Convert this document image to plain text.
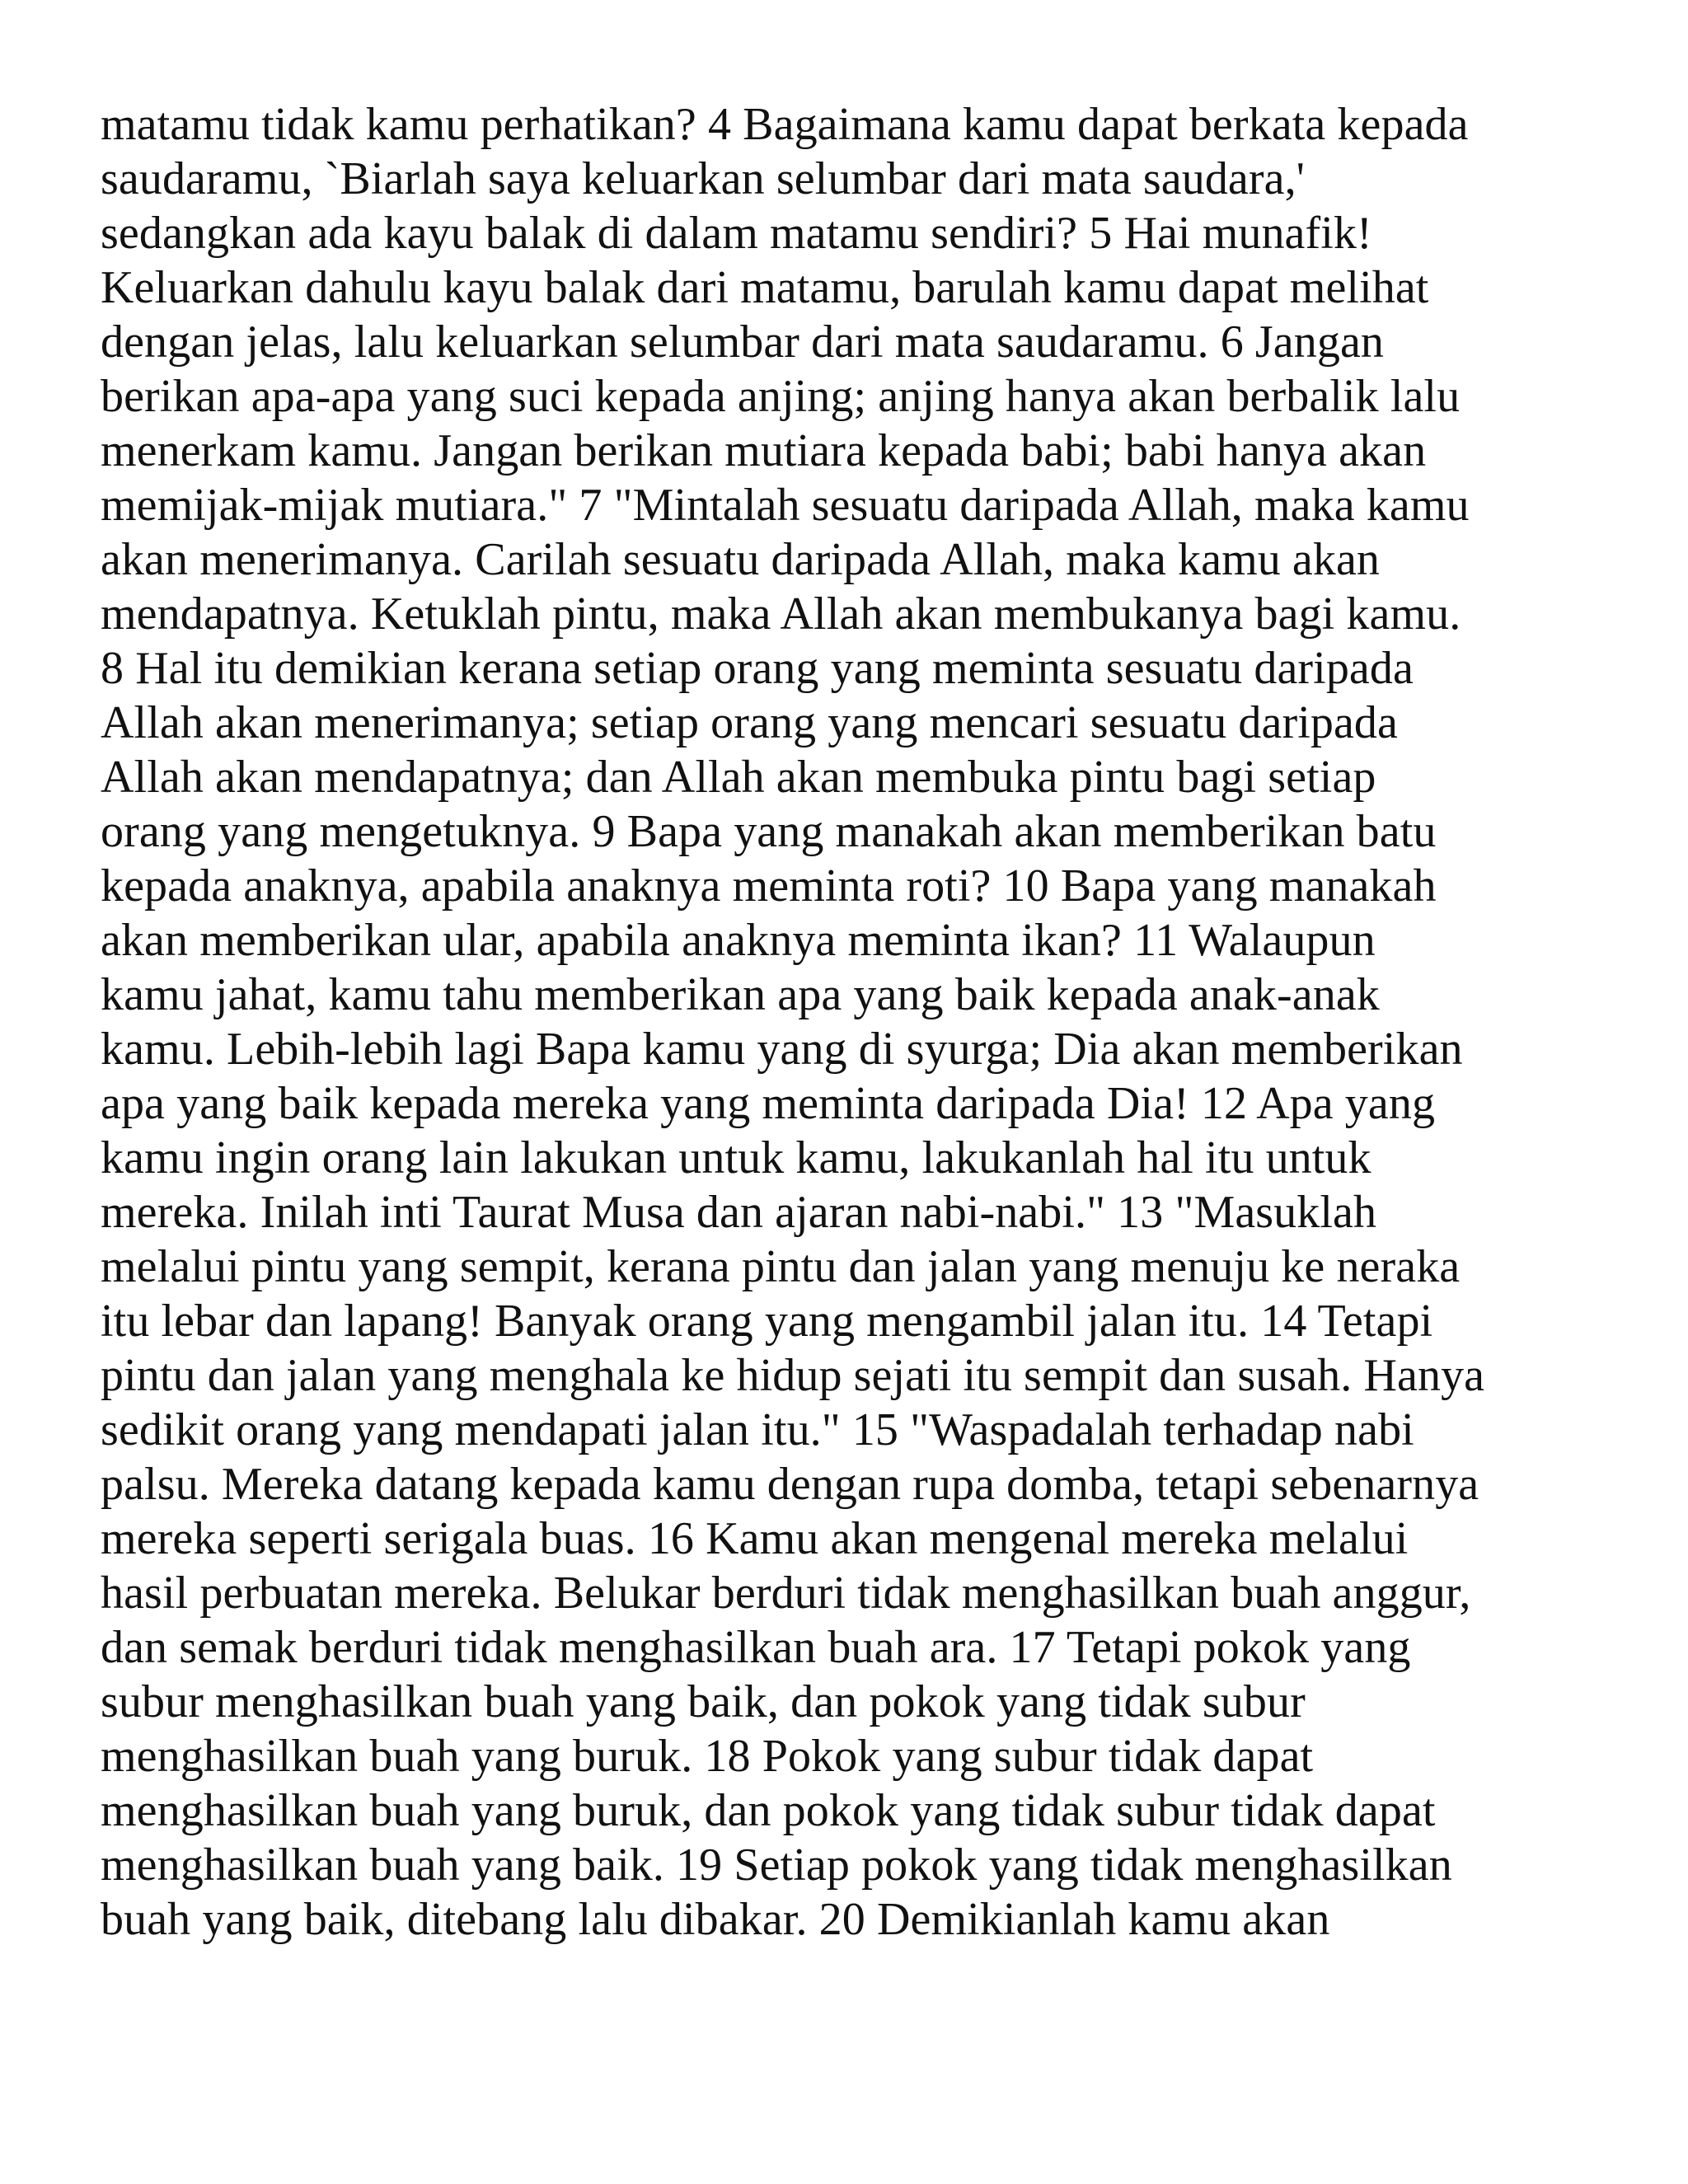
matamu tidak kamu perhatikan? 4 Bagaimana kamu dapat berkata kepada
saudaramu, `Biarlah saya keluarkan selumbar dari mata saudara,'
sedangkan ada kayu balak di dalam matamu sendiri? 5 Hai munafik!
Keluarkan dahulu kayu balak dari matamu, barulah kamu dapat melihat
dengan jelas, lalu keluarkan selumbar dari mata saudaramu. 6 Jangan
berikan apa-apa yang suci kepada anjing; anjing hanya akan berbalik lalu
menerkam kamu. Jangan berikan mutiara kepada babi; babi hanya akan
memijak-mijak mutiara." 7 "Mintalah sesuatu daripada Allah, maka kamu
akan menerimanya. Carilah sesuatu daripada Allah, maka kamu akan
mendapatnya. Ketuklah pintu, maka Allah akan membukanya bagi kamu.
8 Hal itu demikian kerana setiap orang yang meminta sesuatu daripada
Allah akan menerimanya; setiap orang yang mencari sesuatu daripada
Allah akan mendapatnya; dan Allah akan membuka pintu bagi setiap
orang yang mengetuknya. 9 Bapa yang manakah akan memberikan batu
kepada anaknya, apabila anaknya meminta roti? 10 Bapa yang manakah
akan memberikan ular, apabila anaknya meminta ikan? 11 Walaupun
kamu jahat, kamu tahu memberikan apa yang baik kepada anak-anak
kamu. Lebih-lebih lagi Bapa kamu yang di syurga; Dia akan memberikan
apa yang baik kepada mereka yang meminta daripada Dia! 12 Apa yang
kamu ingin orang lain lakukan untuk kamu, lakukanlah hal itu untuk
mereka. Inilah inti Taurat Musa dan ajaran nabi-nabi." 13 "Masuklah
melalui pintu yang sempit, kerana pintu dan jalan yang menuju ke neraka
itu lebar dan lapang! Banyak orang yang mengambil jalan itu. 14 Tetapi
pintu dan jalan yang menghala ke hidup sejati itu sempit dan susah. Hanya
sedikit orang yang mendapati jalan itu." 15 "Waspadalah terhadap nabi
palsu. Mereka datang kepada kamu dengan rupa domba, tetapi sebenarnya
mereka seperti serigala buas. 16 Kamu akan mengenal mereka melalui
hasil perbuatan mereka. Belukar berduri tidak menghasilkan buah anggur,
dan semak berduri tidak menghasilkan buah ara. 17 Tetapi pokok yang
subur menghasilkan buah yang baik, dan pokok yang tidak subur
menghasilkan buah yang buruk. 18 Pokok yang subur tidak dapat
menghasilkan buah yang buruk, dan pokok yang tidak subur tidak dapat
menghasilkan buah yang baik. 19 Setiap pokok yang tidak menghasilkan
buah yang baik, ditebang lalu dibakar. 20 Demikianlah kamu akan
